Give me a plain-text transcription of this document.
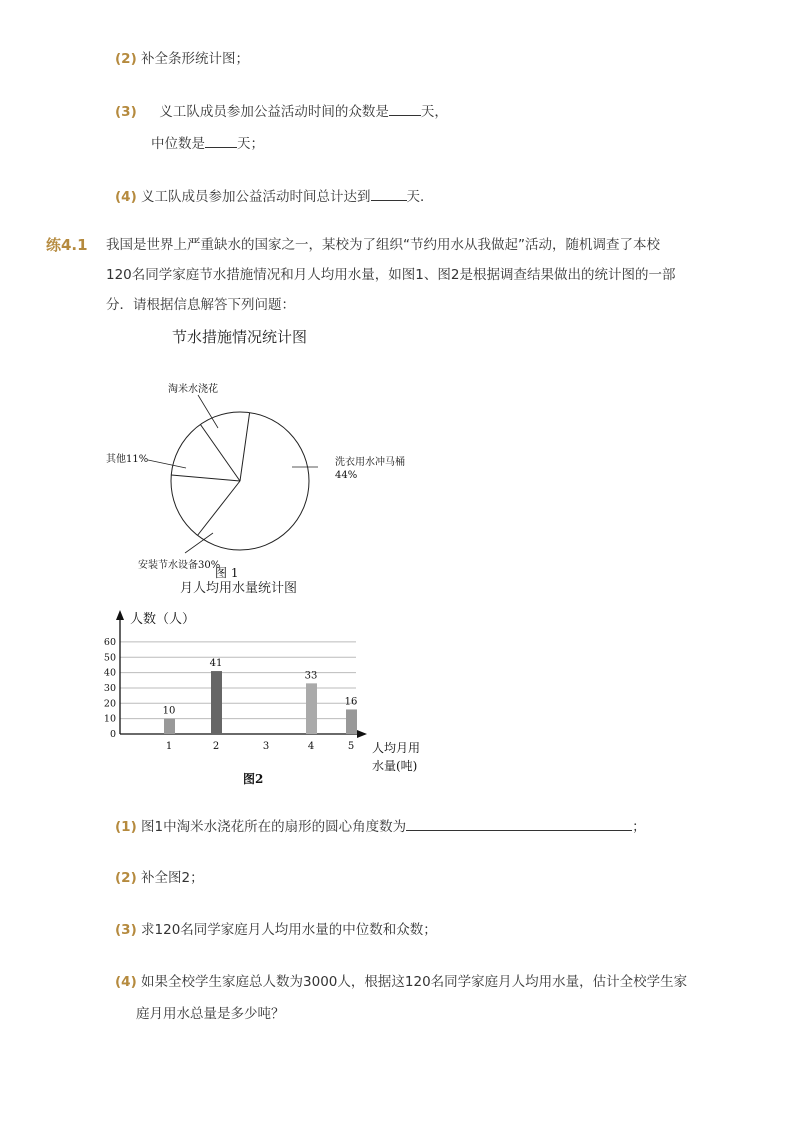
(2) 补全条形统计图；
(3) 义工队成员参加公益活动时间的众数是 天，
中位数是 天；
(4) 义工队成员参加公益活动时间总计达到	天．
练4.1 我国是世界上严重缺水的国家之一，某校为了组织“节约用水从我做起”活动，随机调查了本校
120名同学家庭节水措施情况和月人均用水量，如图1、图2是根据调查结果做出的统计图的一部
分．请根据信息解答下列问题：
节水措施情况统计图
洗衣用水冲马桶
安装节水设备30%
其他11%
淘米水浇花
44%
图 1
月人均用水量统计图
0
10
20
30
40
50
60
人数（人）
人均月用
水量(吨)
1
10
2
41
3	4
33
5
16
图2
(1) 图1中淘米水浇花所在的扇形的圆心角度数为	；
(2) 补全图2；
(3) 求120名同学家庭月人均用水量的中位数和众数；
(4) 如果全校学生家庭总人数为3000人，根据这120名同学家庭月人均用水量，估计全校学生家
庭月用水总量是多少吨？
